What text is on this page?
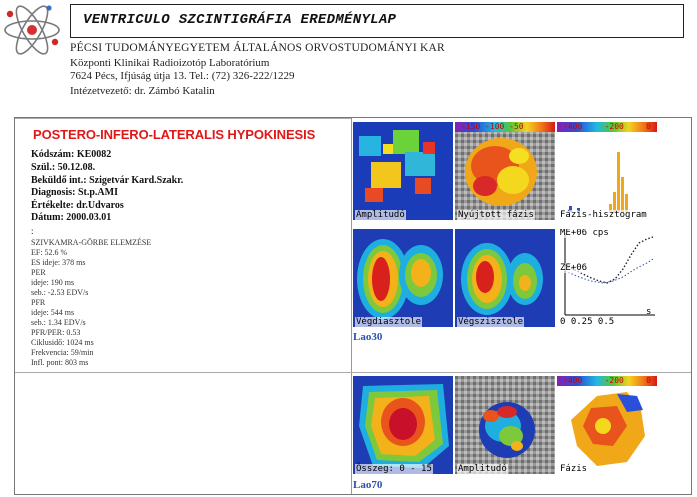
VENTRICULO SZCINTIGRÁFIA EREDMÉNYLAP
PÉCSI TUDOMÁNYEGYETEM ÁLTALÁNOS ORVOSTUDOMÁNYI KAR
Központi Klinikai Radioizotóp Laboratórium
7624 Pécs, Ifjúság útja 13. Tel.: (72) 326-222/1229
Intézetvezető: dr. Zámbó Katalin
POSTERO-INFERO-LATERALIS HYPOKINESIS
Kódszám: KE0082
Szül.: 50.12.08.
Beküldő int.: Szigetvár Kard.Szakr.
Diagnosis: St.p.AMI
Értékelte: dr.Udvaros
Dátum: 2000.03.01
:
SZIVKAMRA-GÖRBE ELEMZÉSE
EF: 52.6 %
ES ideje: 378 ms
PER
ideje: 190 ms
seb.: -2.53 EDV/s
PFR
ideje: 544 ms
seb.: 1.34 EDV/s
PFR/PER: 0.53
Ciklusidő: 1024 ms
Frekvencia: 59/min
Infl. pont: 803 ms
Amplitudó
-150 -100 -50
Nyújtott fázis
-400	-200	0
Fázis-hisztogram
Végdiasztole	Végszisztole
ME+06 cps
ZE+06
0 0.25 0.5
s
Lao30
Összeg: 0 - 15	Amplitudó
-400	-200	0
Fázis
Lao70
